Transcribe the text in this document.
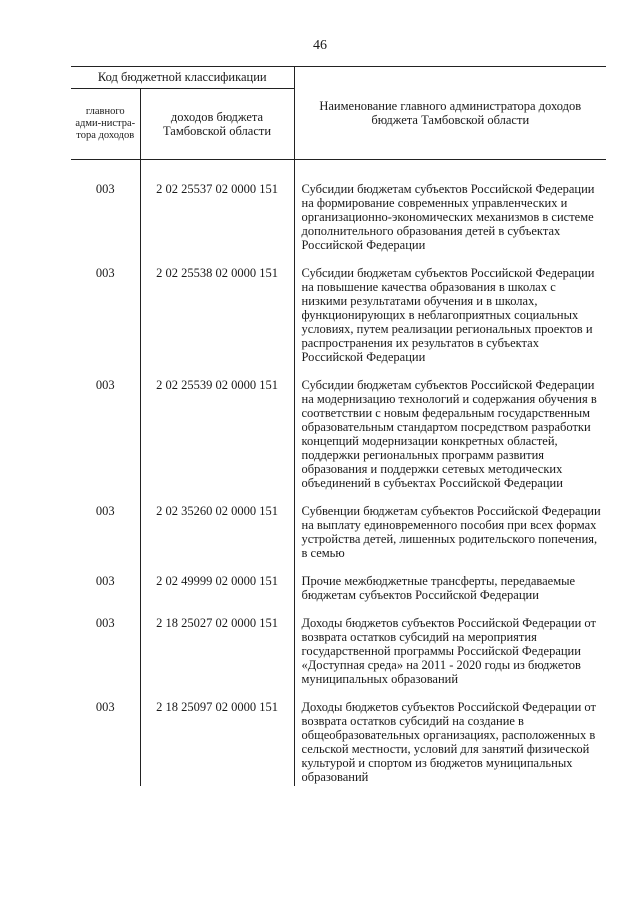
46
Код бюджетной классификации		Наименование главного администратора доходов бюджета Тамбовской области
главного адми-нистра-тора доходов	доходов бюджета Тамбовской области	

003	2 02 25537 02 0000 151	Субсидии бюджетам субъектов Российской Федерации на формирование современных управленческих и организационно-экономических механизмов в системе дополнительного образования детей в субъектах Российской Федерации
003	2 02 25538 02 0000 151	Субсидии бюджетам субъектов Российской Федерации на повышение качества образования в школах с низкими результатами обучения и в школах, функционирующих в неблагоприятных социальных условиях, путем реализации региональных проектов и распространения их результатов в субъектах Российской Федерации
003	2 02 25539 02 0000 151	Субсидии бюджетам субъектов Российской Федерации на модернизацию технологий и содержания обучения в соответствии с новым федеральным государственным образовательным стандартом посредством разработки концепций модернизации конкретных областей, поддержки региональных программ развития образования и поддержки сетевых методических объединений в субъектах Российской Федерации
003	2 02 35260 02 0000 151	Субвенции бюджетам субъектов Российской Федерации на выплату единовременного пособия при всех формах устройства детей, лишенных родительского попечения, в семью
003	2 02 49999 02 0000 151	Прочие межбюджетные трансферты, передаваемые бюджетам субъектов Российской Федерации
003	2 18 25027 02 0000 151	Доходы бюджетов субъектов Российской Федерации от возврата остатков субсидий на мероприятия государственной программы Российской Федерации «Доступная среда» на 2011 - 2020 годы из бюджетов муниципальных образований
003	2 18 25097 02 0000 151	Доходы бюджетов субъектов Российской Федерации от возврата остатков субсидий на создание в общеобразовательных организациях, расположенных в сельской местности, условий для занятий физической культурой и спортом из бюджетов муниципальных образований
